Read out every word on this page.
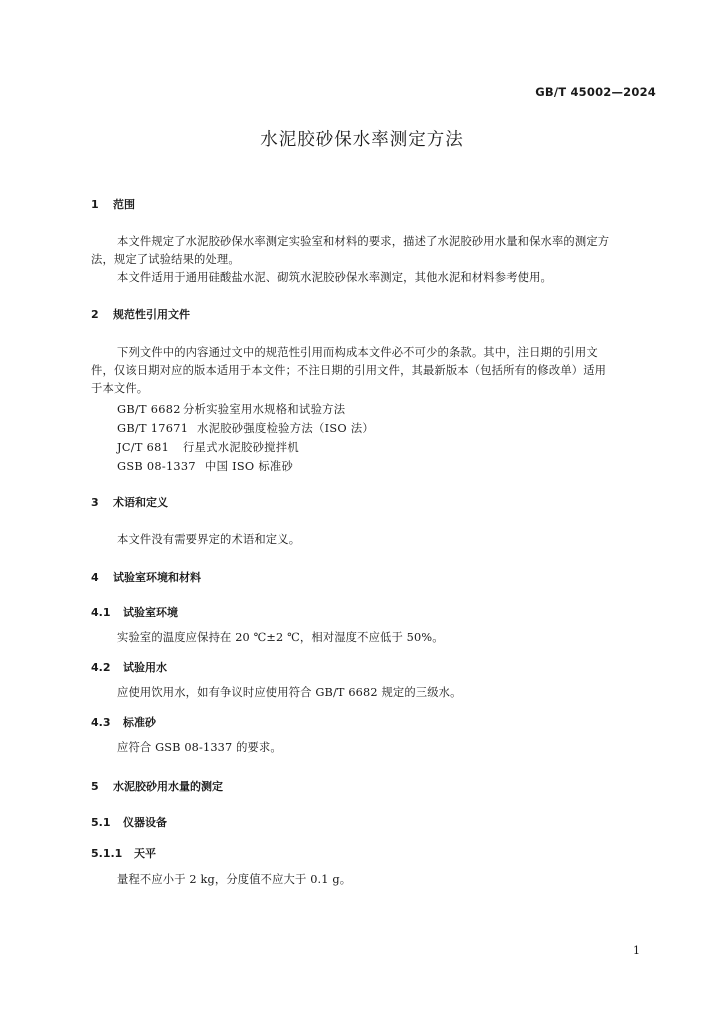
GB/T 45002—2024
水泥胶砂保水率测定方法
1 范围
本文件规定了水泥胶砂保水率测定实验室和材料的要求，描述了水泥胶砂用水量和保水率的测定方
法，规定了试验结果的处理。
本文件适用于通用硅酸盐水泥、砌筑水泥胶砂保水率测定，其他水泥和材料参考使用。
2 规范性引用文件
下列文件中的内容通过文中的规范性引用而构成本文件必不可少的条款。其中，注日期的引用文
件，仅该日期对应的版本适用于本文件；不注日期的引用文件，其最新版本（包括所有的修改单）适用
于本文件。
GB/T 6682 分析实验室用水规格和试验方法
GB/T 17671 水泥胶砂强度检验方法（ISO 法）
JC/T 681 行星式水泥胶砂搅拌机
GSB 08-1337 中国 ISO 标准砂
3 术语和定义
本文件没有需要界定的术语和定义。
4 试验室环境和材料
4.1 试验室环境
实验室的温度应保持在 20 ℃±2 ℃，相对湿度不应低于 50%。
4.2 试验用水
应使用饮用水，如有争议时应使用符合 GB/T 6682 规定的三级水。
4.3 标准砂
应符合 GSB 08-1337 的要求。
5 水泥胶砂用水量的测定
5.1 仪器设备
5.1.1 天平
量程不应小于 2 kg，分度值不应大于 0.1 g。
1
